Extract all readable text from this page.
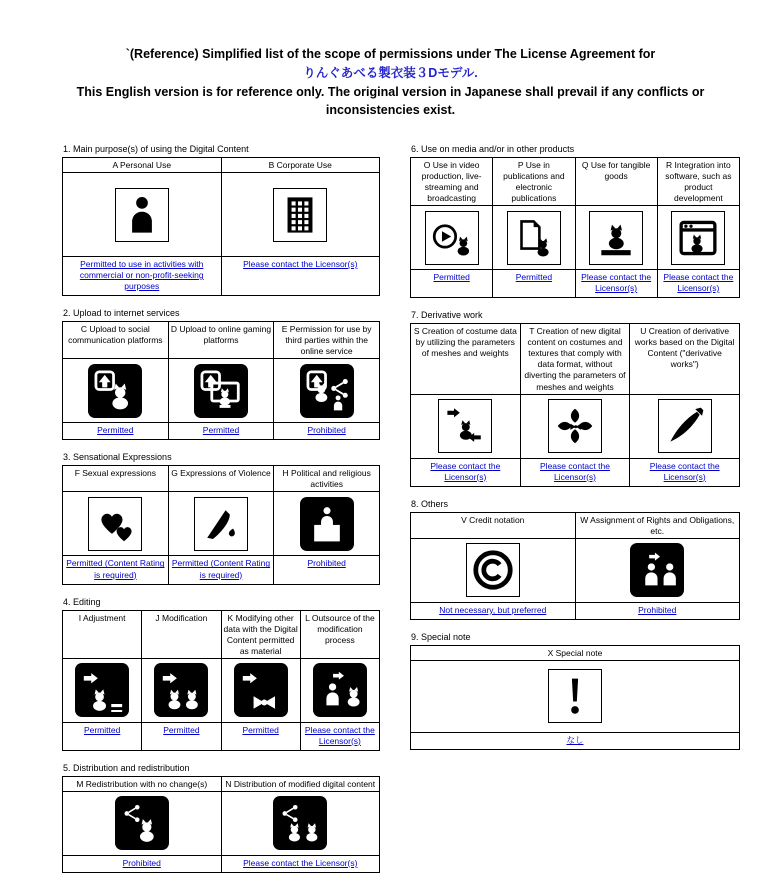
`(Reference) Simplified list of the scope of permissions under The License Agreement for
りんぐあべる製衣装３Dモデル.
This English version is for reference only. The original version in Japanese shall prevail if any conflicts or inconsistencies exist.
1. Main purpose(s) of using the Digital Content
A Personal Use	B Corporate Use

Permitted to use in activities with commercial or non-profit-seeking purposes	Please contact the Licensor(s)
2. Upload to internet services
C Upload to social communication platforms	D Upload to online gaming platforms	E Permission for use by third parties within the online service

Permitted	Permitted	Prohibited
3. Sensational Expressions
F Sexual expressions	G Expressions of Violence	H Political and religious activities

Permitted (Content Rating is required)	Permitted (Content Rating is required)	Prohibited
4. Editing
I Adjustment	J Modification	K Modifying other data with the Digital Content permitted as material	L Outsource of the modification process

Permitted	Permitted	Permitted	Please contact the Licensor(s)
5. Distribution and redistribution
M Redistribution with no change(s)	N Distribution of modified digital content

Prohibited	Please contact the Licensor(s)
6. Use on media and/or in other products
O Use in video production, live-streaming and broadcasting	P Use in publications and electronic publications	Q Use for tangible goods	R Integration into software, such as product development

Permitted	Permitted	Please contact the Licensor(s)	Please contact the Licensor(s)
7. Derivative work
S Creation of costume data by utilizing the parameters of meshes and weights	T Creation of new digital content on costumes and textures that comply with data format, without diverting the parameters of meshes and weights	U Creation of derivative works based on the Digital Content ("derivative works")

Please contact the Licensor(s)	Please contact the Licensor(s)	Please contact the Licensor(s)
8. Others
V Credit notation	W Assignment of Rights and Obligations, etc.

Not necessary, but preferred	Prohibited
9. Special note
X Special note

なし
